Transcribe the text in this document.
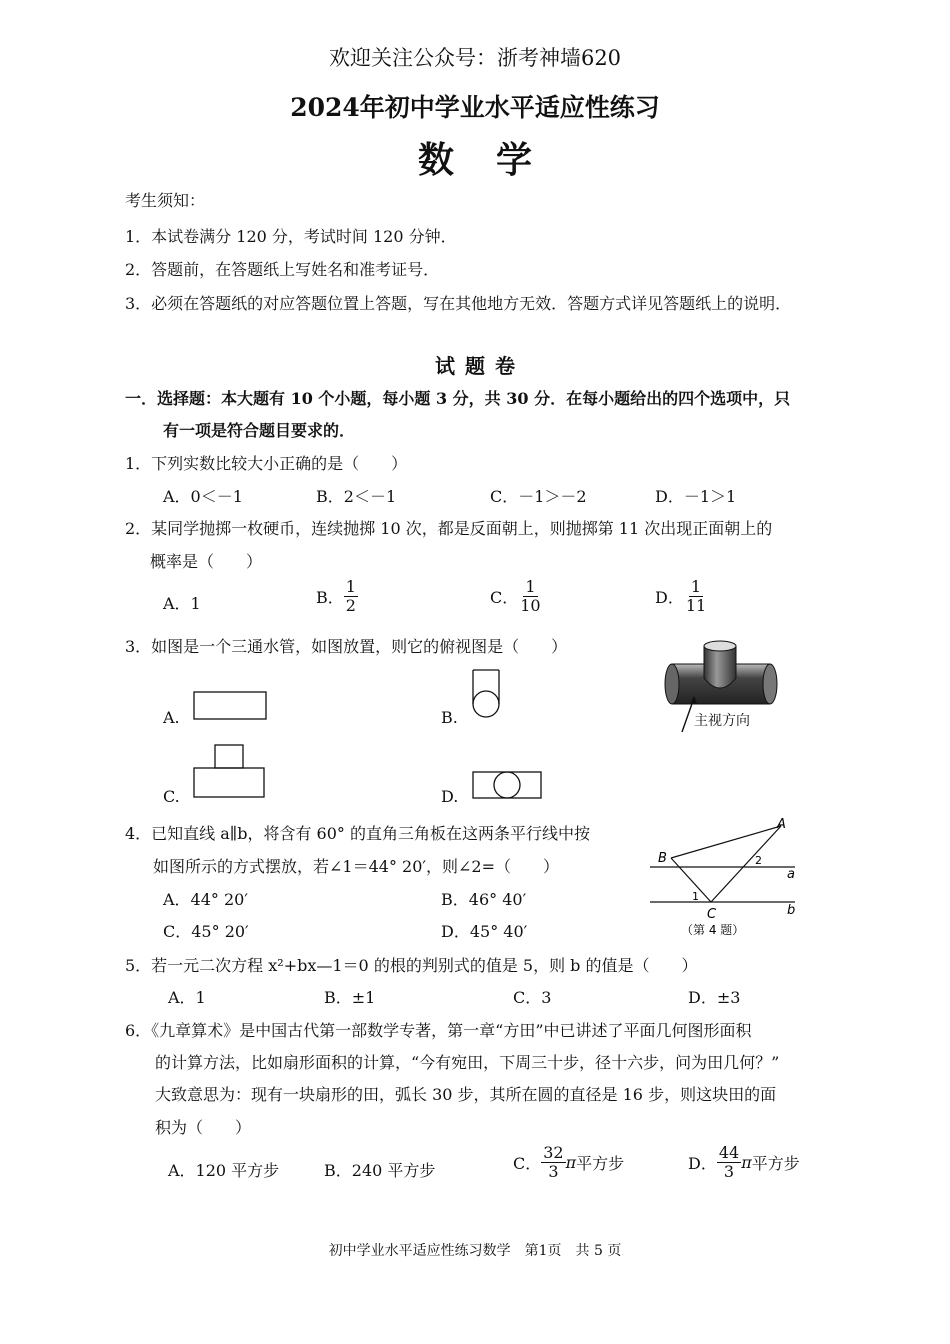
欢迎关注公众号：浙考神墙620
2024年初中学业水平适应性练习
数学
考生须知：
1．本试卷满分 120 分，考试时间 120 分钟．
2．答题前，在答题纸上写姓名和准考证号．
3．必须在答题纸的对应答题位置上答题，写在其他地方无效．答题方式详见答题纸上的说明．
试题卷
一．选择题：本大题有 10 个小题，每小题 3 分，共 30 分．在每小题给出的四个选项中，只
有一项是符合题目要求的．
1．下列实数比较大小正确的是（　　）
A．0＜－1	B．2＜－1	C．－1＞－2	D．－1＞1
2．某同学抛掷一枚硬币，连续抛掷 10 次，都是反面朝上，则抛掷第 11 次出现正面朝上的
概率是（　　）
A．1	B． $\frac{1}{2}$	C． $\frac{1}{10}$	D． $\frac{1}{11}$
3．如图是一个三通水管，如图放置，则它的俯视图是（　　）
A.	B.
C.	D.
主视方向
4．已知直线 a∥b，将含有 60° 的直角三角板在这两条平行线中按
如图所示的方式摆放，若∠1＝44° 20′，则∠2=（　　）
A．44° 20′	B．46° 40′
C．45° 20′	D．45° 40′
A
B
C
a
b
1
2
（第 4 题）
5．若一元二次方程 x²+bx—1＝0 的根的判别式的值是 5，则 b 的值是（　　）
A．1	B．±1	C．3	D．±3
6．《九章算术》是中国古代第一部数学专著，第一章“方田”中已讲述了平面几何图形面积
的计算方法，比如扇形面积的计算，“今有宛田，下周三十步，径十六步，问为田几何？”
大致意思为：现有一块扇形的田，弧长 30 步，其所在圆的直径是 16 步，则这块田的面
积为（　　）
A．120 平方步	B．240 平方步	C． $\frac{32}{3}$ π 平方步	D． $\frac{44}{3}$ π 平方步
初中学业水平适应性练习数学　第1页　共 5 页
